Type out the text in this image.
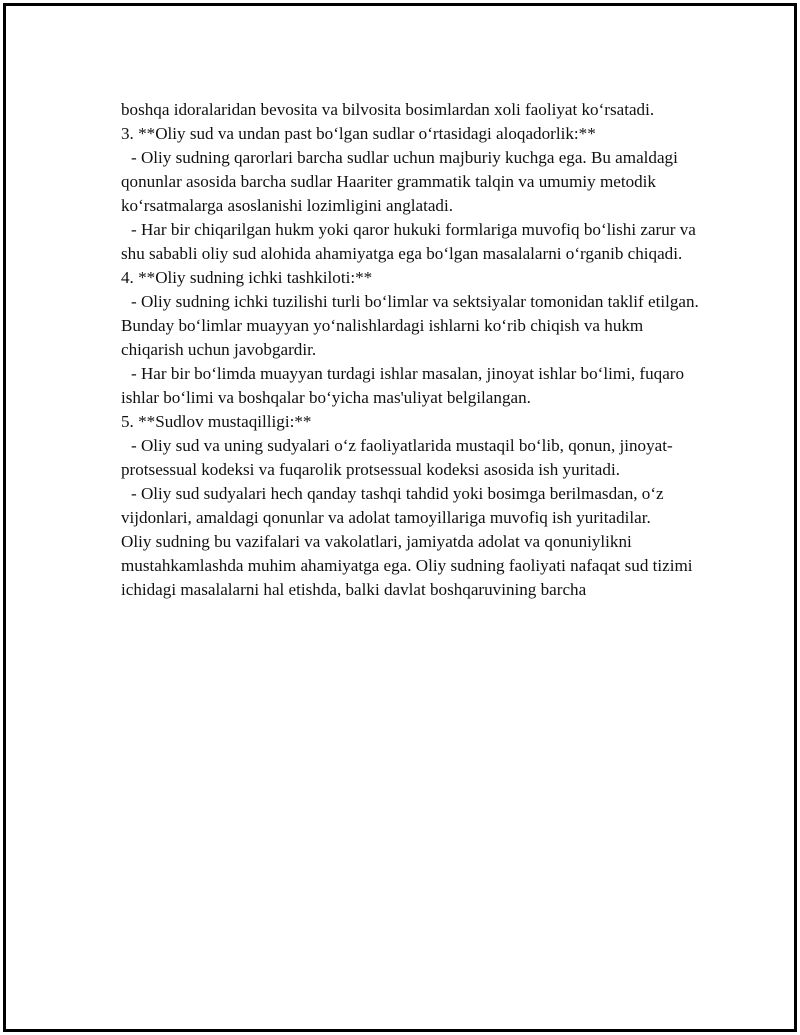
boshqa idoralaridan bevosita va bilvosita bosimlardan xoli faoliyat ko‘rsatadi.

3. **Oliy sud va undan past bo‘lgan sudlar o‘rtasidagi aloqadorlik:**

- Oliy sudning qarorlari barcha sudlar uchun majburiy kuchga ega. Bu amaldagi qonunlar asosida barcha sudlar Haariter grammatik talqin va umumiy metodik ko‘rsatmalarga asoslanishi lozimligini anglatadi.

- Har bir chiqarilgan hukm yoki qaror hukuki formlariga muvofiq bo‘lishi zarur va shu sababli oliy sud alohida ahamiyatga ega bo‘lgan masalalarni o‘rganib chiqadi.

4. **Oliy sudning ichki tashkiloti:**

- Oliy sudning ichki tuzilishi turli bo‘limlar va sektsiyalar tomonidan taklif etilgan. Bunday bo‘limlar muayyan yo‘nalishlardagi ishlarni ko‘rib chiqish va hukm chiqarish uchun javobgardir.

- Har bir bo‘limda muayyan turdagi ishlar masalan, jinoyat ishlar bo‘limi, fuqaro ishlar bo‘limi va boshqalar bo‘yicha mas'uliyat belgilangan.

5. **Sudlov mustaqilligi:**

- Oliy sud va uning sudyalari o‘z faoliyatlarida mustaqil bo‘lib, qonun, jinoyat-protsessual kodeksi va fuqarolik protsessual kodeksi asosida ish yuritadi.

- Oliy sud sudyalari hech qanday tashqi tahdid yoki bosimga berilmasdan, o‘z vijdonlari, amaldagi qonunlar va adolat tamoyillariga muvofiq ish yuritadilar.

Oliy sudning bu vazifalari va vakolatlari, jamiyatda adolat va qonuniylikni mustahkamlashda muhim ahamiyatga ega. Oliy sudning faoliyati nafaqat sud tizimi ichidagi masalalarni hal etishda, balki davlat boshqaruvining barcha
